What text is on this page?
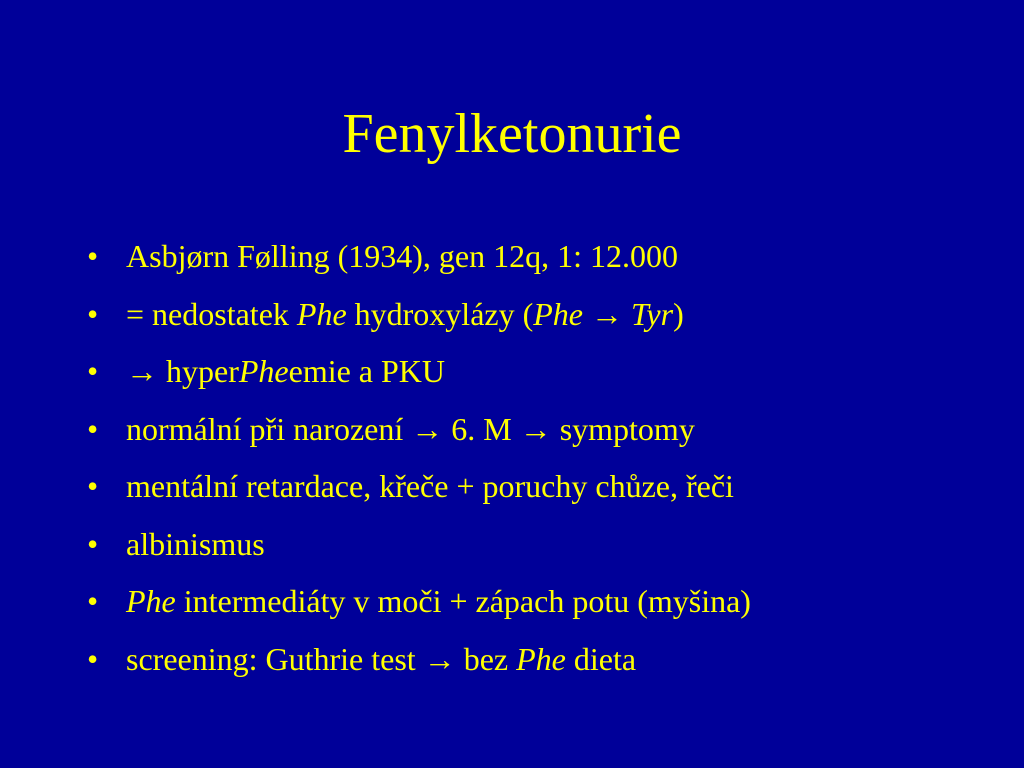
Fenylketonurie
• Asbjørn Følling (1934), gen 12q, 1: 12.000
• = nedostatek Phe hydroxylázy (Phe → Tyr)
• → hyperPheemie a PKU
• normální při narození → 6. M → symptomy
• mentální retardace, křeče + poruchy chůze, řeči
• albinismus
• Phe intermediáty v moči + zápach potu (myšina)
• screening: Guthrie test → bez Phe dieta
